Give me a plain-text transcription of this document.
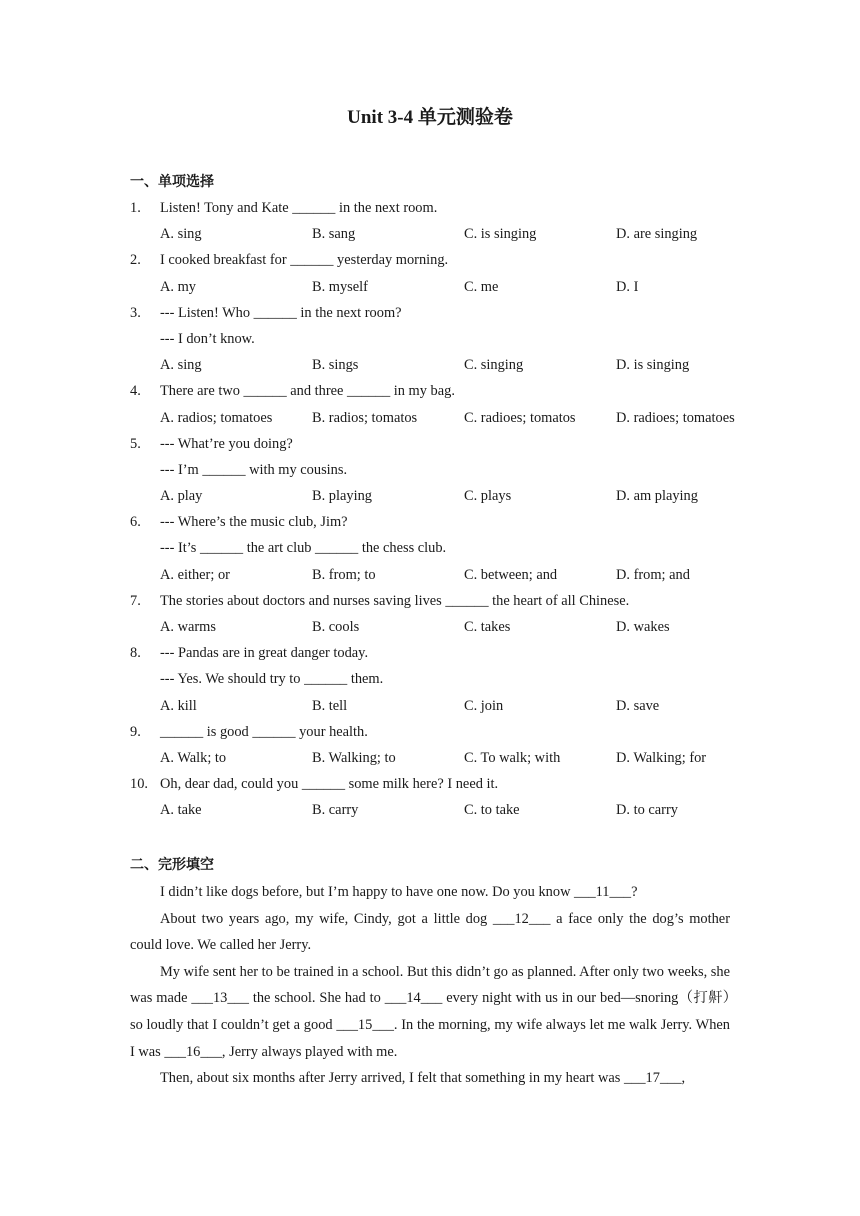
Unit 3-4 单元测验卷
一、单项选择
1.	Listen! Tony and Kate ______ in the next room.
A. sing	B. sang	C. is singing	D. are singing
2.	I cooked breakfast for ______ yesterday morning.
A. my	B. myself	C. me	D. I
3.	--- Listen! Who ______ in the next room?
--- I don’t know.
A. sing	B. sings	C. singing	D. is singing
4.	There are two ______ and three ______ in my bag.
A. radios; tomatoes	B. radios; tomatos	C. radioes; tomatos	D. radioes; tomatoes
5.	--- What’re you doing?
--- I’m ______ with my cousins.
A. play	B. playing	C. plays	D. am playing
6.	--- Where’s the music club, Jim?
--- It’s ______ the art club ______ the chess club.
A. either; or	B. from; to	C. between; and	D. from; and
7.	The stories about doctors and nurses saving lives ______ the heart of all Chinese.
A. warms	B. cools	C. takes	D. wakes
8.	--- Pandas are in great danger today.
--- Yes. We should try to ______ them.
A. kill	B. tell	C. join	D. save
9.	______ is good ______ your health.
A. Walk; to	B. Walking; to	C. To walk; with	D. Walking; for
10. Oh, dear dad, could you ______ some milk here? I need it.
A. take	B. carry	C. to take	D. to carry
二、完形填空

I didn’t like dogs before, but I’m happy to have one now. Do you know ___11___?

About two years ago, my wife, Cindy, got a little dog ___12___ a face only the dog’s mother could love. We called her Jerry.

My wife sent her to be trained in a school. But this didn’t go as planned. After only two weeks, she was made ___13___ the school. She had to ___14___ every night with us in our bed—snoring（打鼾）so loudly that I couldn’t get a good ___15___. In the morning, my wife always let me walk Jerry. When I was ___16___, Jerry always played with me.

Then, about six months after Jerry arrived, I felt that something in my heart was ___17___,
